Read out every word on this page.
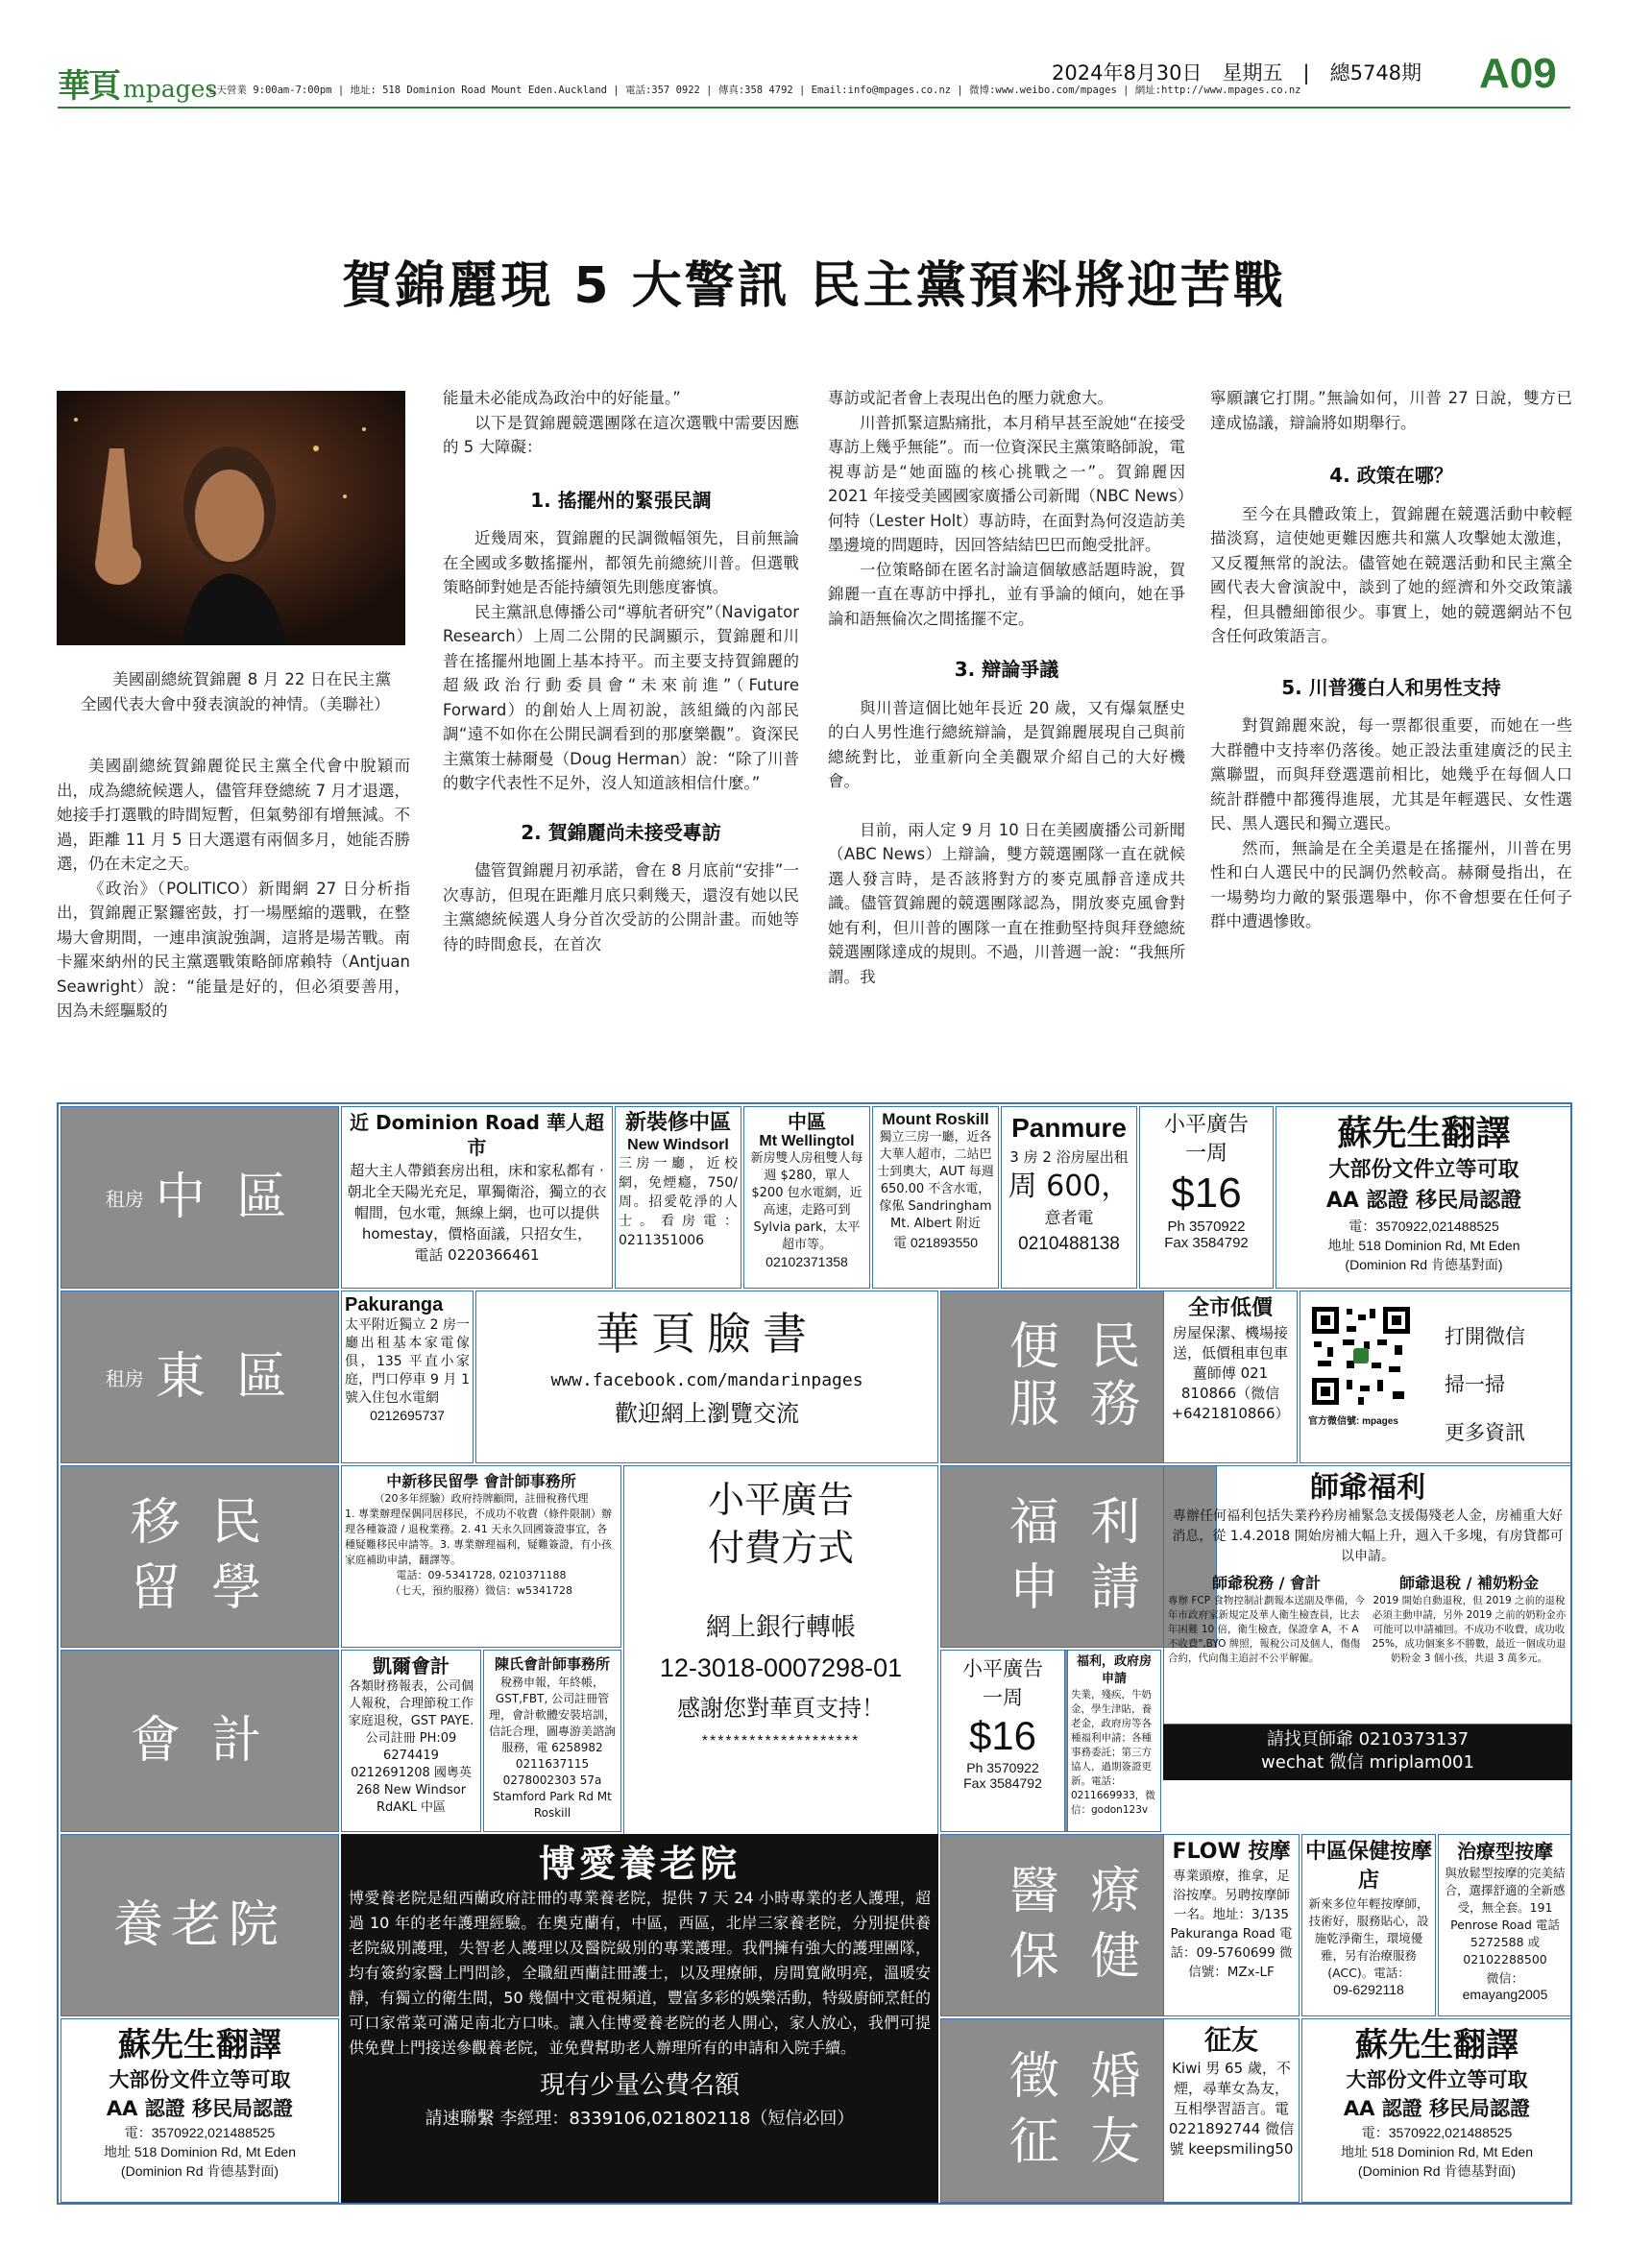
華頁 mpages
七天營業 9:00am-7:00pm | 地址: 518 Dominion Road Mount Eden.Auckland | 電話:357 0922 | 傳真:358 4792 | Email:info@mpages.co.nz | 微博:www.weibo.com/mpages | 網址:http://www.mpages.co.nz
2024年8月30日　星期五　|　總5748期 A09
賀錦麗現 5 大警訊 民主黨預料將迎苦戰
美國副總統賀錦麗 8 月 22 日在民主黨全國代表大會中發表演說的神情。（美聯社）

美國副總統賀錦麗從民主黨全代會中脫穎而出，成為總統候選人，儘管拜登總統 7 月才退選，她接手打選戰的時間短暫，但氣勢卻有增無減。不過，距離 11 月 5 日大選還有兩個多月，她能否勝選，仍在未定之天。

《政治》（POLITICO）新聞網 27 日分析指出，賀錦麗正緊鑼密鼓，打一場壓縮的選戰，在整場大會期間，一連串演說強調，這將是場苦戰。南卡羅來納州的民主黨選戰策略師席賴特（Antjuan Seawright）說：“能量是好的，但必須要善用，因為未經驅駁的

能量未必能成為政治中的好能量。”

以下是賀錦麗競選團隊在這次選戰中需要因應的 5 大障礙：

1. 搖擺州的緊張民調

近幾周來，賀錦麗的民調微幅領先，目前無論在全國或多數搖擺州，都領先前總統川普。但選戰策略師對她是否能持續領先則態度審慎。

民主黨訊息傳播公司“導航者研究”（Navigator Research）上周二公開的民調顯示，賀錦麗和川普在搖擺州地圖上基本持平。而主要支持賀錦麗的超級政治行動委員會“未來前進”（Future Forward）的創始人上周初說，該組織的內部民調“遠不如你在公開民調看到的那麼樂觀”。資深民主黨策士赫爾曼（Doug Herman）說：“除了川普的數字代表性不足外，沒人知道該相信什麼。”

2. 賀錦麗尚未接受專訪

儘管賀錦麗月初承諾，會在 8 月底前“安排”一次專訪，但現在距離月底只剩幾天，還沒有她以民主黨總統候選人身分首次受訪的公開計畫。而她等待的時間愈長，在首次

專訪或記者會上表現出色的壓力就愈大。

川普抓緊這點痛批，本月稍早甚至說她“在接受專訪上幾乎無能”。而一位資深民主黨策略師說，電視專訪是“她面臨的核心挑戰之一”。賀錦麗因 2021 年接受美國國家廣播公司新聞（NBC News）何特（Lester Holt）專訪時，在面對為何沒造訪美墨邊境的問題時，因回答結結巴巴而飽受批評。

一位策略師在匿名討論這個敏感話題時說，賀錦麗一直在專訪中掙扎，並有爭論的傾向，她在爭論和語無倫次之間搖擺不定。

3. 辯論爭議

與川普這個比她年長近 20 歲，又有爆氣歷史的白人男性進行總統辯論，是賀錦麗展現自己與前總統對比，並重新向全美觀眾介紹自己的大好機會。

目前，兩人定 9 月 10 日在美國廣播公司新聞（ABC News）上辯論，雙方競選團隊一直在就候選人發言時，是否該將對方的麥克風靜音達成共識。儘管賀錦麗的競選團隊認為，開放麥克風會對她有利，但川普的團隊一直在推動堅持與拜登總統競選團隊達成的規則。不過，川普週一說：“我無所謂。我

寧願讓它打開。”無論如何，川普 27 日說，雙方已達成協議，辯論將如期舉行。

4. 政策在哪？

至今在具體政策上，賀錦麗在競選活動中較輕描淡寫，這使她更難因應共和黨人攻擊她太激進，又反覆無常的說法。儘管她在競選活動和民主黨全國代表大會演說中，談到了她的經濟和外交政策議程，但具體細節很少。事實上，她的競選網站不包含任何政策語言。

5. 川普獲白人和男性支持

對賀錦麗來說，每一票都很重要，而她在一些大群體中支持率仍落後。她正設法重建廣泛的民主黨聯盟，而與拜登選選前相比，她幾乎在每個人口統計群體中都獲得進展，尤其是年輕選民、女性選民、黑人選民和獨立選民。

然而，無論是在全美還是在搖擺州，川普在男性和白人選民中的民調仍然較高。赫爾曼指出，在一場勢均力敵的緊張選舉中，你不會想要在任何子群中遭遇慘敗。

租房 中 區
近 Dominion Road 華人超市
超大主人帶鎖套房出租，床和家私都有 ·朝北全天陽光充足，單獨衛浴，獨立的衣帽間，包水電，無線上網，也可以提供 homestay，價格面議，只招女生，
電話 0220366461
新裝修中區
New Windsorl
三房一廳，近校網，免煙癮，750/周。招愛乾淨的人士。看房電：0211351006
中區
Mt Wellingtol
新房雙人房租雙人每週 $280，單人 $200 包水電網，近高速，走路可到 Sylvia park，太平超市等。
02102371358
Mount Roskill
獨立三房一廳，近各大華人超市，二站巴士到奧大，AUT 每週 650.00 不含水電，傢俬 Sandringham Mt. Albert 附近
電 021893550
Panmure
3 房 2 浴房屋出租
周 600，
意者電
0210488138
小平廣告
一周
$16
Ph 3570922
Fax 3584792
蘇先生翻譯
大部份文件立等可取
AA 認證 移民局認證
電：3570922,021488525
地址 518 Dominion Rd, Mt Eden
(Dominion Rd 肯德基對面)
租房 東 區
Pakuranga
太平附近獨立 2 房一廳出租基本家電傢俱，135 平直小家庭，門口停車 9 月 1 號入住包水電網
0212695737
華頁臉書
www.facebook.com/mandarinpages
歡迎網上瀏覽交流
便 民
服 務
全市低價
房屋保潔、機場接送，低價租車包車薑師傅 021 810866（微信 +6421810866）	官方微信號: mpages
打開微信
掃一掃
更多資訊
移 民
留 學
中新移民留學 會計師事務所
（20多年經驗）政府持牌顧問，註冊稅務代理
1. 專業辦理保偶同居移民，不成功不收費（條件限制）辦理各種簽證 / 退稅業務。2. 41 天永久回國簽證事宜，各種疑難移民申請等。3. 專業辦理福利，疑難簽證，有小孩家庭補助申請，翻譯等。
電話：09-5341728, 0210371188
（七天，預約服務）微信：w5341728
小平廣告
付費方式
網上銀行轉帳
12-3018-0007298-01
感謝您對華頁支持！
********************
福 利
申 請
師爺福利
專辦任何福利包括失業矜矜房補緊急支援傷殘老人金，房補重大好消息，從 1.4.2018 開始房補大幅上升，週入千多塊，有房貸都可以申請。
師爺稅務 / 會計
專辦 FCP 食物控制計劃報本送副及準備，今年市政府家新規定及華人衛生檢查員，比去年困難 10 倍，衛生檢查，保證拿 A，不 A 不收費",BYO 牌照，報稅公司及個人，傷傷合約，代向傷主追討不公平解僱。
師爺退稅 / 補奶粉金
2019 開始自動退稅，但 2019 之前的退稅必須主動申請，另外 2019 之前的奶粉金亦可能可以申請補回。不成功不收費，成功收 25%，成功個案多不勝數，最近一個成功退奶粉金 3 個小孩，共退 3 萬多元。
請找頁師爺 0210373137
wechat 微信 mriplam001
會 計
凱爾會計
各類財務報表，公司個人報稅，合理節稅工作家庭退稅，GST PAYE. 公司註冊 PH:09 6274419 0212691208 國粵英 268 New Windsor RdAKL 中區
陳氏會計師事務所
稅務申報，年終帳，GST,FBT, 公司註冊管理，會計軟體安裝培訓，信託合理，圖專游美諮詢服務，電 6258982 0211637115 0278002303 57a Stamford Park Rd Mt Roskill
小平廣告
一周
$16
Ph 3570922
Fax 3584792
福利，政府房申請
失業，殘疾，牛奶金，學生津貼，養老金，政府房等各種福利申請；各種事務委託；第三方協人，過期簽證更新。電話：0211669933，微信：godon123v
養老院
博愛養老院
博愛養老院是紐西蘭政府註冊的專業養老院，提供 7 天 24 小時專業的老人護理，超過 10 年的老年護理經驗。在奧克蘭有，中區，西區，北岸三家養老院，分別提供養老院級別護理，失智老人護理以及醫院級別的專業護理。我們擁有強大的護理團隊，均有簽約家醫上門問診，全職紐西蘭註冊護士，以及理療師，房間寬敞明亮，溫暖安靜，有獨立的衛生間，50 幾個中文電視頻道，豐富多彩的娛樂活動，特級廚師烹飪的可口家常菜可滿足南北方口味。讓入住博愛養老院的老人開心，家人放心，我們可提供免費上門接送參觀養老院，並免費幫助老人辦理所有的申請和入院手續。
現有少量公費名額
請速聯繫 李經理：8339106,021802118（短信必回）
醫 療
保 健
FLOW 按摩
專業頭療，推拿，足浴按摩。另聘按摩師一名。地址：3/135 Pakuranga Road 電話：09-5760699 微信號：MZx-LF
中區保健按摩店
新來多位年輕按摩師，技術好，服務貼心，設施乾淨衛生，環境優雅，另有治療服務 (ACC)。電話：
09-6292118
治療型按摩
與放鬆型按摩的完美結合，選擇舒適的全新感受，無全套。191 Penrose Road 電話 5272588 或 02102288500
微信：
emayang2005
蘇先生翻譯
大部份文件立等可取
AA 認證 移民局認證
電：3570922,021488525
地址 518 Dominion Rd, Mt Eden
(Dominion Rd 肯德基對面)
徵 婚
征 友
征友
Kiwi 男 65 歲，不煙，尋華女為友，互相學習語言。電 0221892744 微信號 keepsmiling50
蘇先生翻譯
大部份文件立等可取
AA 認證 移民局認證
電：3570922,021488525
地址 518 Dominion Rd, Mt Eden
(Dominion Rd 肯德基對面)
